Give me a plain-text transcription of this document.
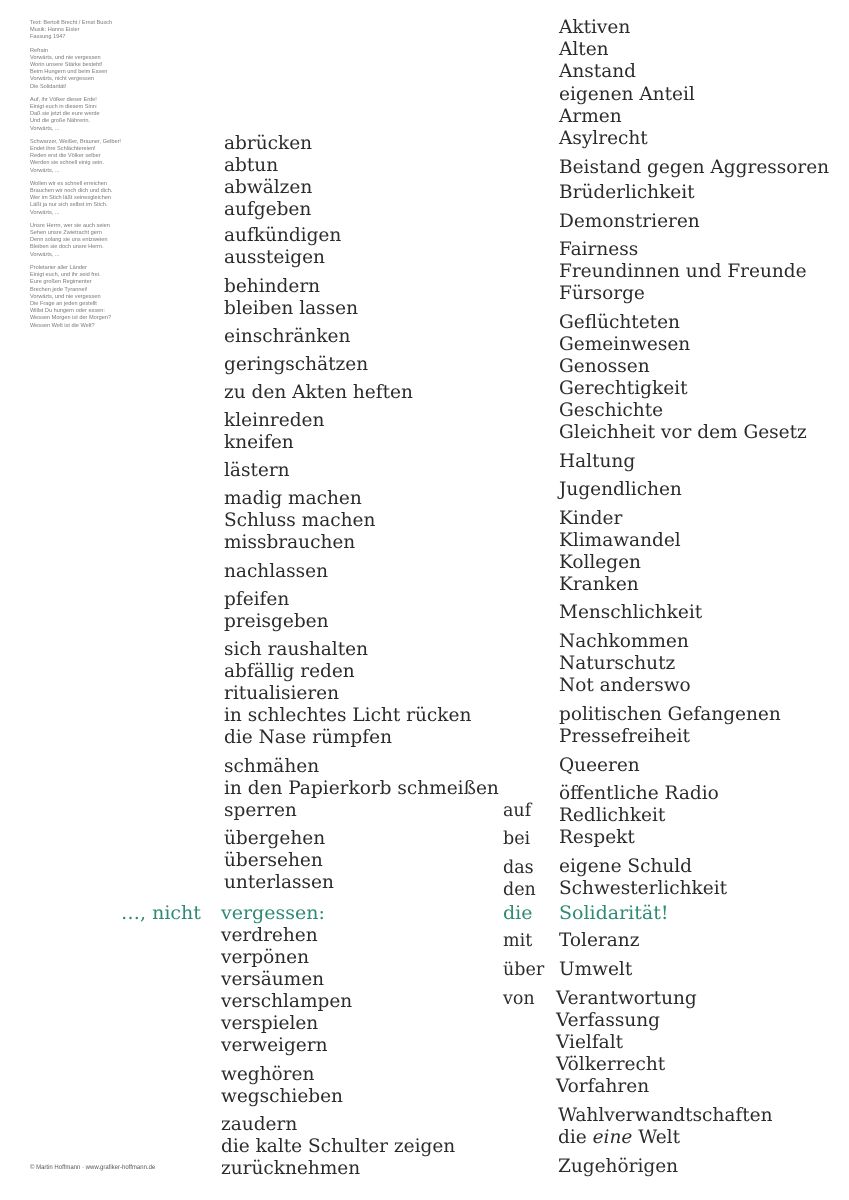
Text: Bertolt Brecht / Ernst Busch
Musik: Hanns Eisler
Fassung 1947
Refrain
Vorwärts, und nie vergessen
Worin unsere Stärke besteht!
Beim Hungern und beim Essen
Vorwärts, nicht vergessen
Die Solidarität!
Auf, ihr Völker dieser Erde!
Einigt euch in diesem Sinn:
Daß sie jetzt die eure werde
Und die große Nährerin.
Vorwärts, ...
Schwarzer, Weißer, Brauner, Gelber!
Endet ihre Schlächtereien!
Reden erst die Völker selber
Werden sie schnell einig sein.
Vorwärts, ...
Wollen wir es schnell erreichen
Brauchen wir noch dich und dich.
Wer im Stich läßt seinesgleichen
Läßt ja nur sich selbst im Stich.
Vorwärts, ...
Unsre Herrn, wer sie auch seien
Sehen unsre Zwietracht gern
Denn solang sie uns entzweien
Bleiben sie doch unsre Herrn.
Vorwärts, ...
Proletarier aller Länder
Einigt euch, und ihr seid frei.
Eure großen Regimenter
Brechen jede Tyrannei!
Vorwärts, und nie vergessen
Die Frage an jeden gestellt
Willst Du hungern oder essen:
Wessen Morgen ist der Morgen?
Wessen Welt ist die Welt?
abrücken
abtun
abwälzen
aufgeben
aufkündigen
aussteigen
behindern
bleiben lassen
einschränken
geringschätzen
zu den Akten heften
kleinreden
kneifen
lästern
madig machen
Schluss machen
missbrauchen
nachlassen
pfeifen
preisgeben
sich raushalten
abfällig reden
ritualisieren
in schlechtes Licht rücken
die Nase rümpfen
schmähen
in den Papierkorb schmeißen
sperren
übergehen
übersehen
unterlassen
…, nicht vergessen:	die Solidarität!
verdrehen
verpönen
versäumen
verschlampen
verspielen
verweigern
weghören
wegschieben
zaudern
die kalte Schulter zeigen
zurücknehmen
auf
bei
das
den
mit
über
von
Aktiven
Alten
Anstand
eigenen Anteil
Armen
Asylrecht
Beistand gegen Aggressoren
Brüderlichkeit
Demonstrieren
Fairness
Freundinnen und Freunde
Fürsorge
Geflüchteten
Gemeinwesen
Genossen
Gerechtigkeit
Geschichte
Gleichheit vor dem Gesetz
Haltung
Jugendlichen
Kinder
Klimawandel
Kollegen
Kranken
Menschlichkeit
Nachkommen
Naturschutz
Not anderswo
politischen Gefangenen
Pressefreiheit
Queeren
öffentliche Radio
Redlichkeit
Respekt
eigene Schuld
Schwesterlichkeit
Toleranz
Umwelt
Verantwortung
Verfassung
Vielfalt
Völkerrecht
Vorfahren
Wahlverwandtschaften
die eine Welt
Zugehörigen
© Martin Hoffmann · www.grafiker-hoffmann.de
